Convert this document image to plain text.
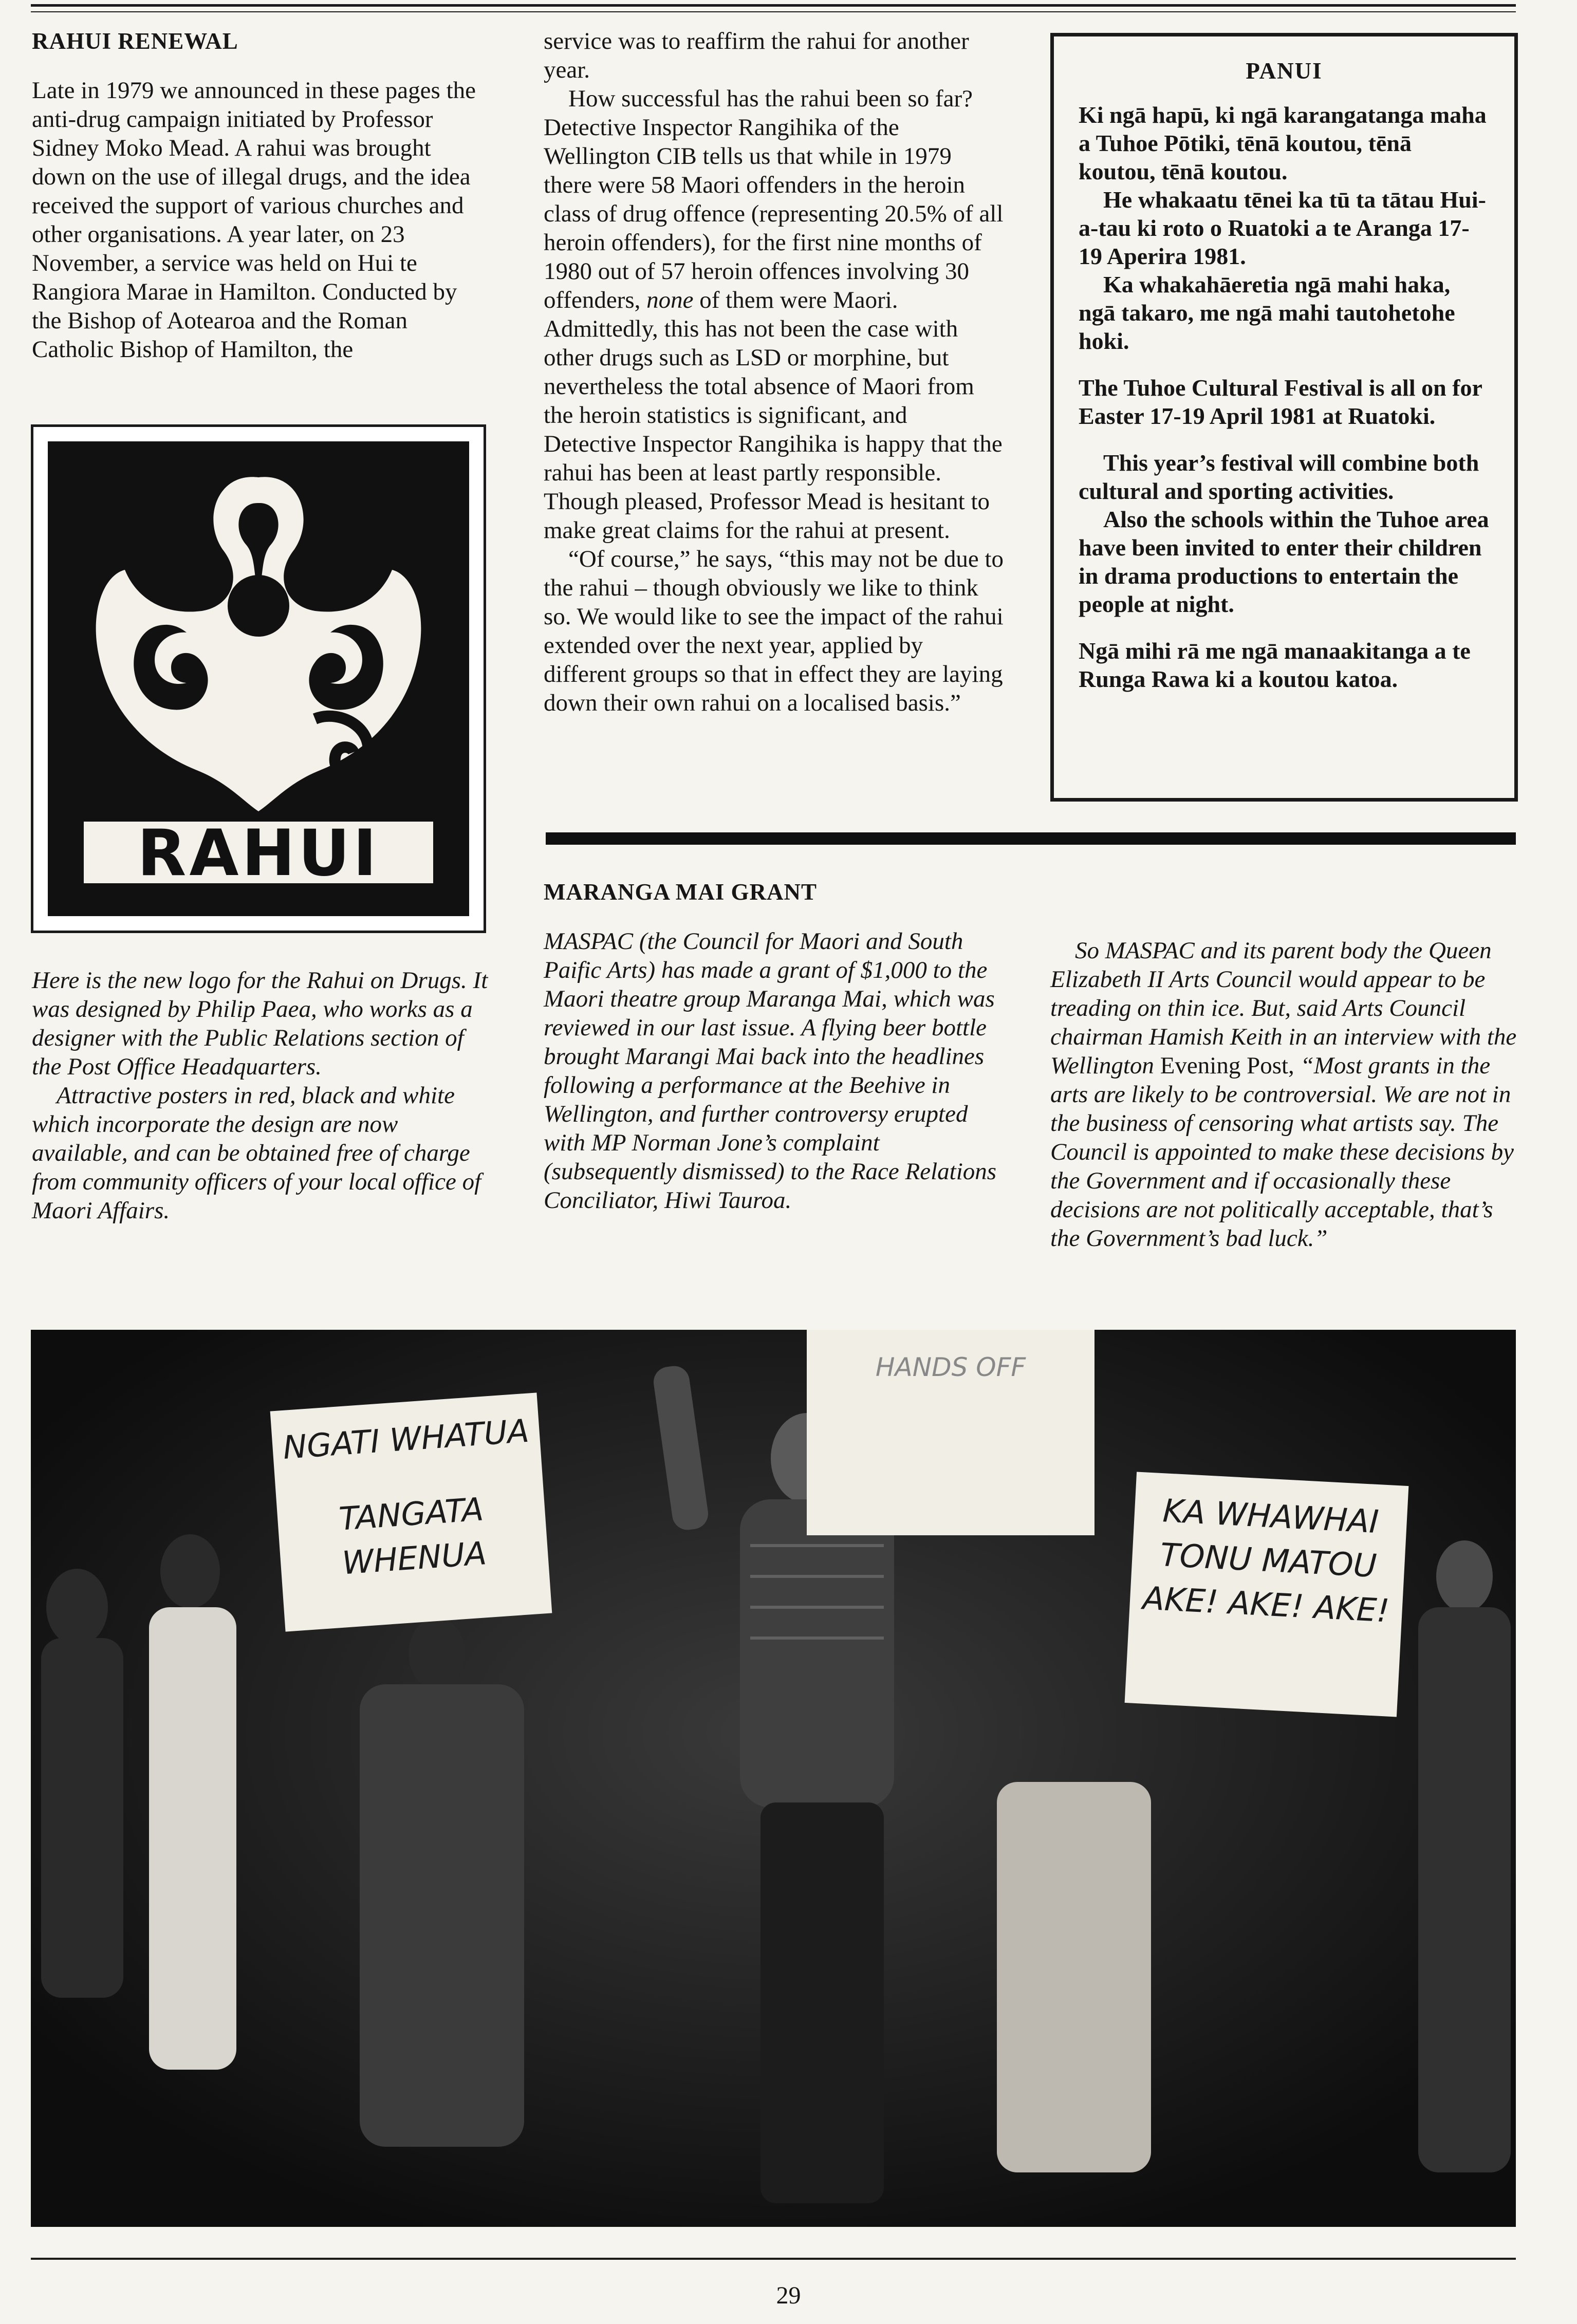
RAHUI RENEWAL

Late in 1979 we announced in these pages the anti-drug campaign initiated by Professor Sidney Moko Mead. A rahui was brought down on the use of illegal drugs, and the idea received the support of various churches and other organisations. A year later, on 23 November, a service was held on Hui te Rangiora Marae in Hamilton. Conducted by the Bishop of Aotearoa and the Roman Catholic Bishop of Hamilton, the

RAHUI

Here is the new logo for the Rahui on Drugs. It was designed by Philip Paea, who works as a designer with the Public Relations section of the Post Office Headquarters.

Attractive posters in red, black and white which incorporate the design are now available, and can be obtained free of charge from community officers of your local office of Maori Affairs.

service was to reaffirm the rahui for another year.

How successful has the rahui been so far? Detective Inspector Rangihika of the Wellington CIB tells us that while in 1979 there were 58 Maori offenders in the heroin class of drug offence (representing 20.5% of all heroin offenders), for the first nine months of 1980 out of 57 heroin offences involving 30 offenders, none of them were Maori. Admittedly, this has not been the case with other drugs such as LSD or morphine, but nevertheless the total absence of Maori from the heroin statistics is significant, and Detective Inspector Rangihika is happy that the rahui has been at least partly responsible. Though pleased, Professor Mead is hesitant to make great claims for the rahui at present.

“Of course,” he says, “this may not be due to the rahui – though obviously we like to think so. We would like to see the impact of the rahui extended over the next year, applied by different groups so that in effect they are laying down their own rahui on a localised basis.”

MARANGA MAI GRANT

MASPAC (the Council for Maori and South Paific Arts) has made a grant of $1,000 to the Maori theatre group Maranga Mai, which was reviewed in our last issue. A flying beer bottle brought Marangi Mai back into the headlines following a performance at the Beehive in Wellington, and further controversy erupted with MP Norman Jone’s complaint (subsequently dismissed) to the Race Relations Conciliator, Hiwi Tauroa.

PANUI

Ki ngā hapū, ki ngā karangatanga maha a Tuhoe Pōtiki, tēnā koutou, tēnā koutou, tēnā koutou.

He whakaatu tēnei ka tū ta tātau Hui-a-tau ki roto o Ruatoki a te Aranga 17-19 Aperira 1981.

Ka whakahāeretia ngā mahi haka, ngā takaro, me ngā mahi tautohetohe hoki.

The Tuhoe Cultural Festival is all on for Easter 17-19 April 1981 at Ruatoki.

This year’s festival will combine both cultural and sporting activities.

Also the schools within the Tuhoe area have been invited to enter their children in drama productions to entertain the people at night.

Ngā mihi rā me ngā manaakitanga a te Runga Rawa ki a koutou katoa.

So MASPAC and its parent body the Queen Elizabeth II Arts Council would appear to be treading on thin ice. But, said Arts Council chairman Hamish Keith in an interview with the Wellington Evening Post, “Most grants in the arts are likely to be controversial. We are not in the business of censoring what artists say. The Council is appointed to make these decisions by the Government and if occasionally these decisions are not politically acceptable, that’s the Government’s bad luck.”

NGATI WHATUA
TANGATA WHENUA
HANDS OFF
KA WHAWHAI
TONU MATOU
AKE! AKE! AKE!
29
